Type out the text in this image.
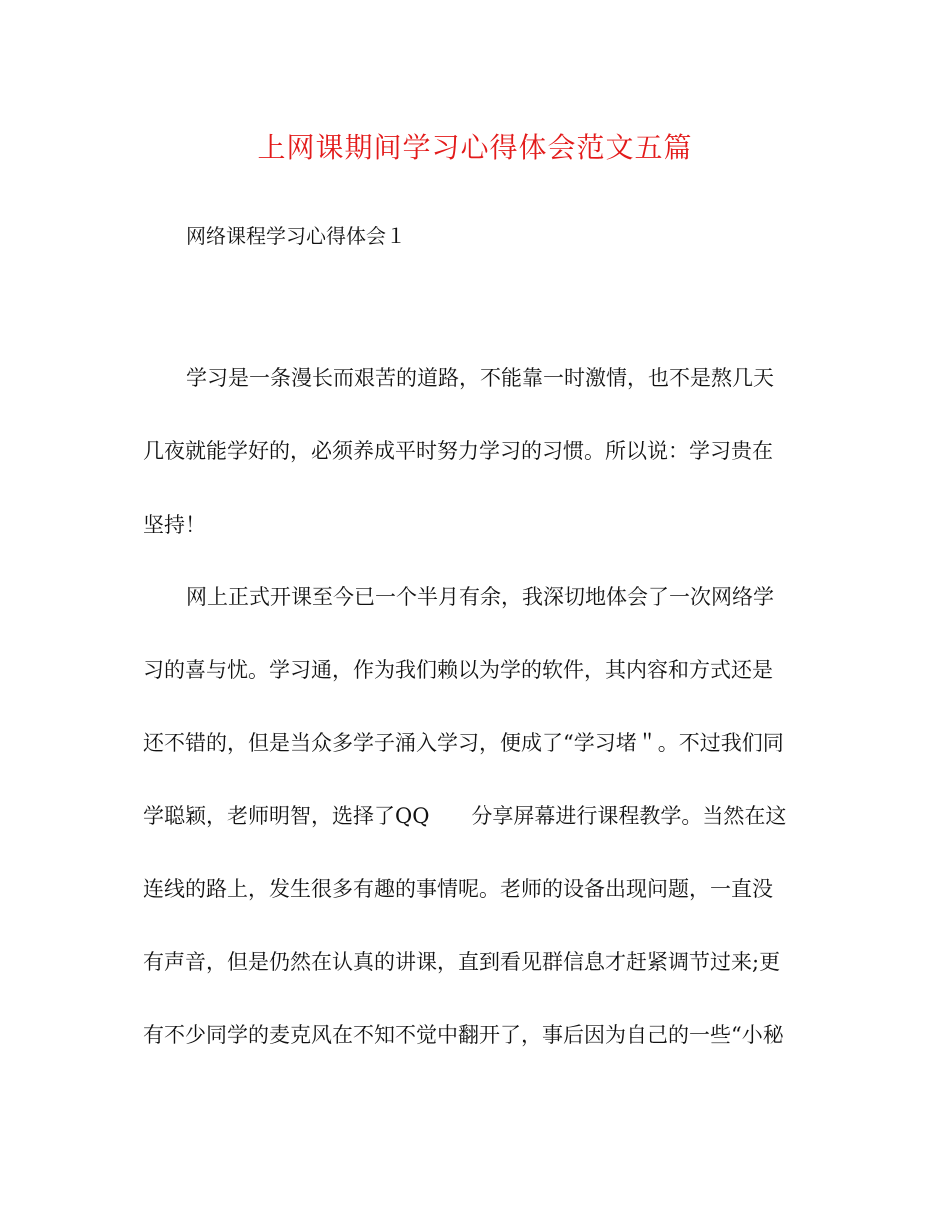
上网课期间学习心得体会范文五篇
网络课程学习心得体会１
学习是一条漫长而艰苦的道路，不能靠一时激情，也不是熬几天
几夜就能学好的，必须养成平时努力学习的习惯。所以说：学习贵在
坚持！
网上正式开课至今已一个半月有余，我深切地体会了一次网络学
习的喜与忧。学习通，作为我们赖以为学的软件，其内容和方式还是
还不错的，但是当众多学子涌入学习，便成了“学习堵＂。不过我们同
学聪颖，老师明智，选择了QQ　　分享屏幕进行课程教学。当然在这
连线的路上，发生很多有趣的事情呢。老师的设备出现问题，一直没
有声音，但是仍然在认真的讲课，直到看见群信息才赶紧调节过来;更
有不少同学的麦克风在不知不觉中翻开了，事后因为自己的一些“小秘
